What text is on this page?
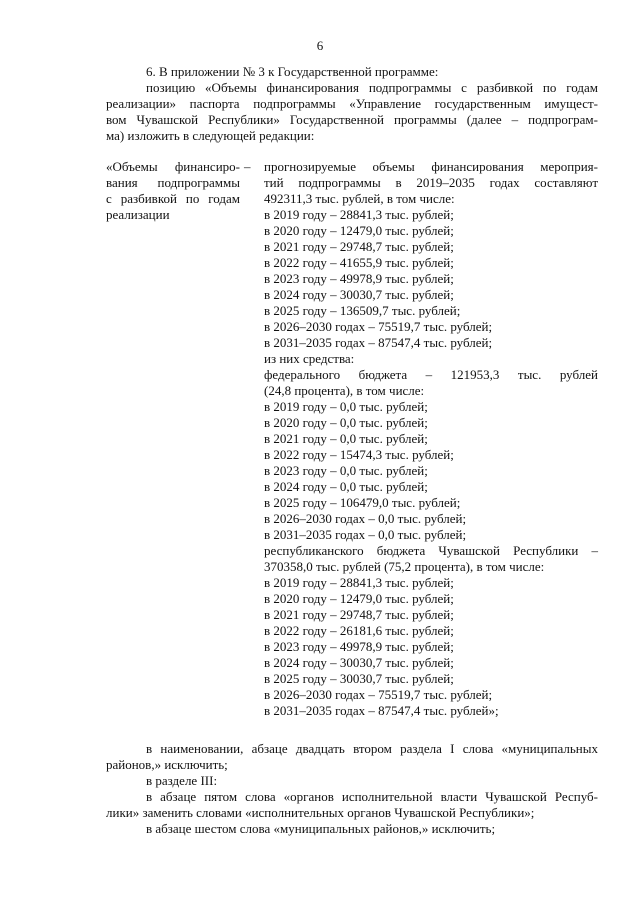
6
6. В приложении № 3 к Государственной программе:
позицию «Объемы финансирования подпрограммы с разбивкой по годам
реализации» паспорта подпрограммы «Управление государственным имущест-
вом Чувашской Республики» Государственной программы (далее – подпрограм-
ма) изложить в следующей редакции:
«Объемы финансиро-
вания подпрограммы
с разбивкой по годам
реализации
– прогнозируемые объемы финансирования мероприя-
тий подпрограммы в 2019–2035 годах составляют
492311,3 тыс. рублей, в том числе:
в 2019 году – 28841,3 тыс. рублей;
в 2020 году – 12479,0 тыс. рублей;
в 2021 году – 29748,7 тыс. рублей;
в 2022 году – 41655,9 тыс. рублей;
в 2023 году – 49978,9 тыс. рублей;
в 2024 году – 30030,7 тыс. рублей;
в 2025 году – 136509,7 тыс. рублей;
в 2026–2030 годах – 75519,7 тыс. рублей;
в 2031–2035 годах – 87547,4 тыс. рублей;
из них средства:
федерального бюджета – 121953,3 тыс. рублей
(24,8 процента), в том числе:
в 2019 году – 0,0 тыс. рублей;
в 2020 году – 0,0 тыс. рублей;
в 2021 году – 0,0 тыс. рублей;
в 2022 году – 15474,3 тыс. рублей;
в 2023 году – 0,0 тыс. рублей;
в 2024 году – 0,0 тыс. рублей;
в 2025 году – 106479,0 тыс. рублей;
в 2026–2030 годах – 0,0 тыс. рублей;
в 2031–2035 годах – 0,0 тыс. рублей;
республиканского бюджета Чувашской Республики –
370358,0 тыс. рублей (75,2 процента), в том числе:
в 2019 году – 28841,3 тыс. рублей;
в 2020 году – 12479,0 тыс. рублей;
в 2021 году – 29748,7 тыс. рублей;
в 2022 году – 26181,6 тыс. рублей;
в 2023 году – 49978,9 тыс. рублей;
в 2024 году – 30030,7 тыс. рублей;
в 2025 году – 30030,7 тыс. рублей;
в 2026–2030 годах – 75519,7 тыс. рублей;
в 2031–2035 годах – 87547,4 тыс. рублей»;
в наименовании, абзаце двадцать втором раздела I слова «муниципальных
районов,» исключить;
в разделе III:
в абзаце пятом слова «органов исполнительной власти Чувашской Респуб-
лики» заменить словами «исполнительных органов Чувашской Республики»;
в абзаце шестом слова «муниципальных районов,» исключить;
